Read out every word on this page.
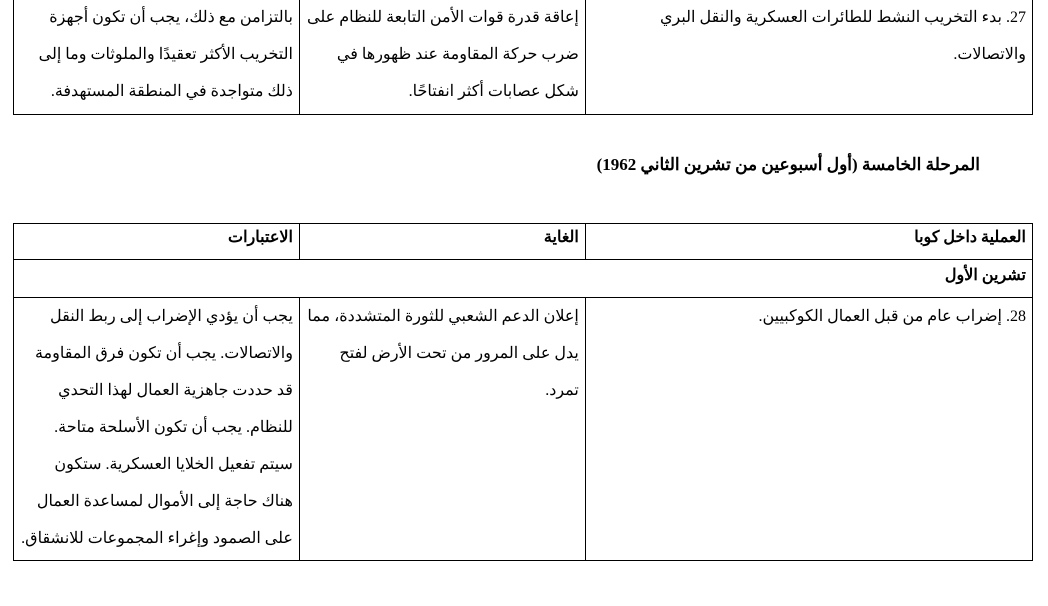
بالتزامن مع ذلك، يجب أن تكون أجهزة التخريب الأكثر تعقيدًا والملوثات وما إلى ذلك متواجدة في المنطقة المستهدفة.	إعاقة قدرة قوات الأمن التابعة للنظام على ضرب حركة المقاومة عند ظهورها في شكل عصابات أكثر انفتاحًا.	27. بدء التخريب النشط للطائرات العسكرية والنقل البري والاتصالات.
المرحلة الخامسة (أول أسبوعين من تشرين الثاني 1962)
الاعتبارات	الغاية	العملية داخل كوبا
تشرين الأول		
يجب أن يؤدي الإضراب إلى ربط النقل والاتصالات. يجب أن تكون فرق المقاومة قد حددت جاهزية العمال لهذا التحدي للنظام. يجب أن تكون الأسلحة متاحة. سيتم تفعيل الخلايا العسكرية. ستكون هناك حاجة إلى الأموال لمساعدة العمال على الصمود وإغراء المجموعات للانشقاق.	إعلان الدعم الشعبي للثورة المتشددة، مما يدل على المرور من تحت الأرض لفتح تمرد.	28. إضراب عام من قبل العمال الكوكبيين.
